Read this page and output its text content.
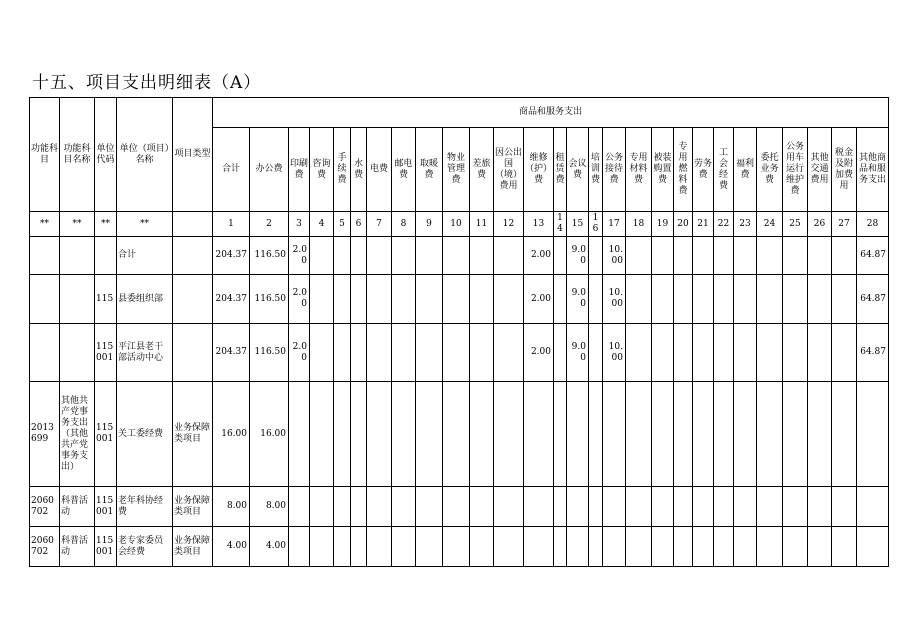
十五、项目支出明细表（A）
功能科目	功能科目名称	单位代码	单位（项目）名称	项目类型	商品和服务支出																											
					合计	办公费	印刷费	咨询费	手续费	水费	电费	邮电费	取暖费	物业管理费	差旅费	因公出国（境）费用	维修（护）费	租赁费	会议费	培训费	公务接待费	专用材料费	被装购置费	专用燃料费	劳务费	工会经费	福利费	委托业务费	公务用车运行维护费	其他交通费用	税金及附加费用	其他商品和服务支出
**	**	**	**		1	2	3	4	5	6	7	8	9	10	11	12	13	14	15	16	17	18	19	20	21	22	23	24	25	26	27	28
			合计		204.37	116.50	2.00										2.00		9.00		10.00											64.87
		115	县委组织部		204.37	116.50	2.00										2.00		9.00		10.00											64.87
		115001	平江县老干部活动中心		204.37	116.50	2.00										2.00		9.00		10.00											64.87
2013699	其他共产党事务支出（其他共产党事务支出）	115001	关工委经费	业务保障类项目	16.00	16.00																										
2060702	科普活动	115001	老年科协经费	业务保障类项目	8.00	8.00																										
2060702	科普活动	115001	老专家委员会经费	业务保障类项目	4.00	4.00																										
